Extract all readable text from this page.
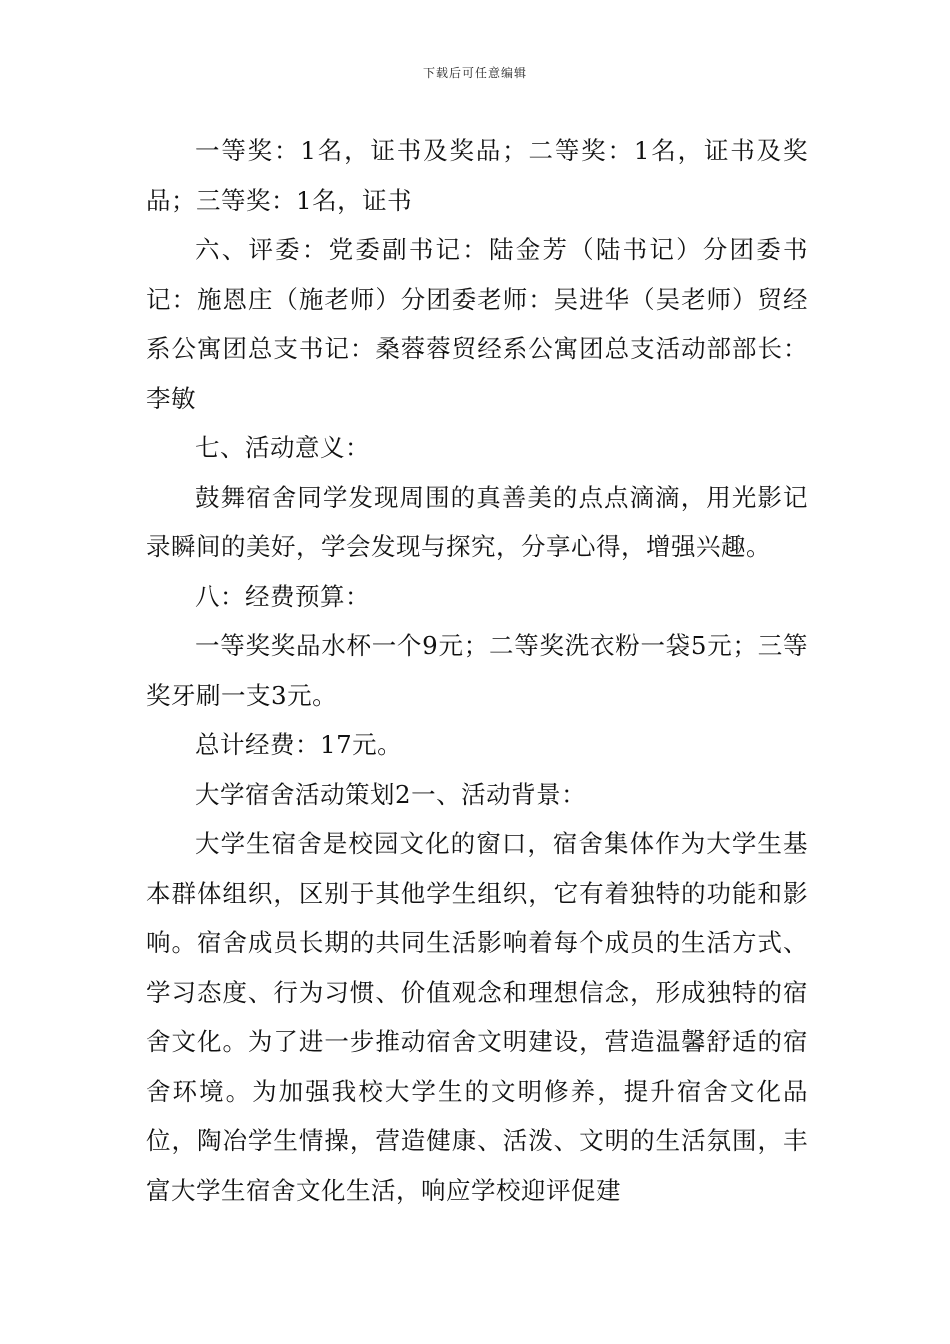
下载后可任意编辑

一等奖：1名，证书及奖品；二等奖：1名，证书及奖品；三等奖：1名，证书

六、评委：党委副书记：陆金芳（陆书记）分团委书记：施恩庄（施老师）分团委老师：吴进华（吴老师）贸经系公寓团总支书记：桑蓉蓉贸经系公寓团总支活动部部长：李敏

七、活动意义：

鼓舞宿舍同学发现周围的真善美的点点滴滴，用光影记录瞬间的美好，学会发现与探究，分享心得，增强兴趣。

八：经费预算：

一等奖奖品水杯一个9元；二等奖洗衣粉一袋5元；三等奖牙刷一支3元。

总计经费：17元。

大学宿舍活动策划2一、活动背景：

大学生宿舍是校园文化的窗口，宿舍集体作为大学生基本群体组织，区别于其他学生组织，它有着独特的功能和影响。宿舍成员长期的共同生活影响着每个成员的生活方式、学习态度、行为习惯、价值观念和理想信念，形成独特的宿舍文化。为了进一步推动宿舍文明建设，营造温馨舒适的宿舍环境。为加强我校大学生的文明修养，提升宿舍文化品位，陶冶学生情操，营造健康、活泼、文明的生活氛围，丰富大学生宿舍文化生活，响应学校迎评促建
